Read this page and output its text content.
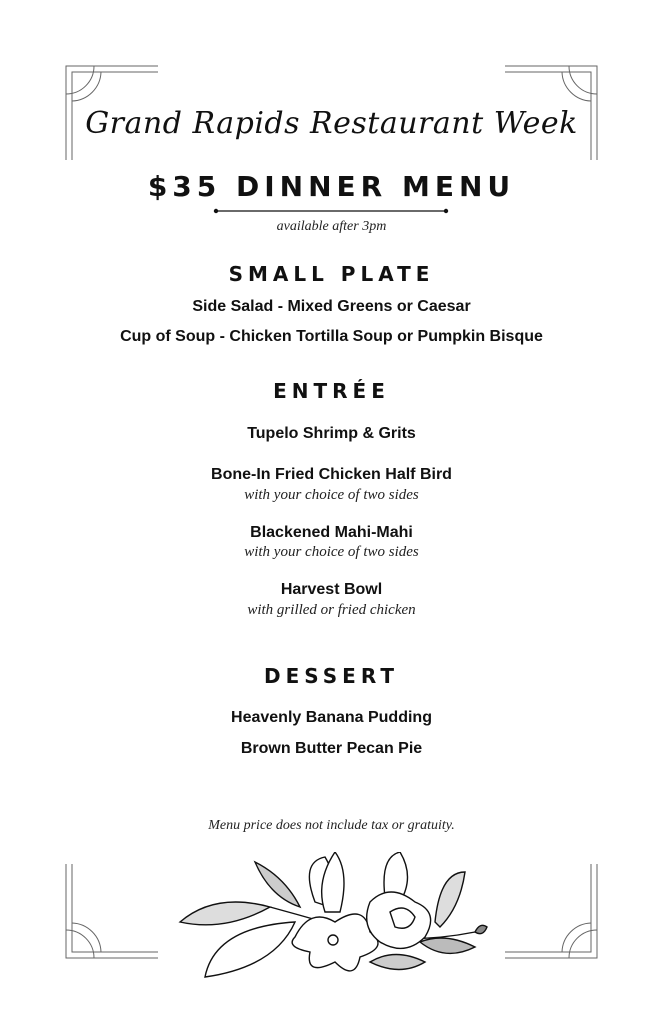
Grand Rapids Restaurant Week
$35 DINNER MENU
available after 3pm
SMALL PLATE
Side Salad - Mixed Greens or Caesar
Cup of Soup - Chicken Tortilla Soup or Pumpkin Bisque
ENTRÉE
Tupelo Shrimp & Grits
Bone-In Fried Chicken Half Bird
with your choice of two sides
Blackened Mahi-Mahi
with your choice of two sides
Harvest Bowl
with grilled or fried chicken
DESSERT
Heavenly Banana Pudding
Brown Butter Pecan Pie
Menu price does not include tax or gratuity.
